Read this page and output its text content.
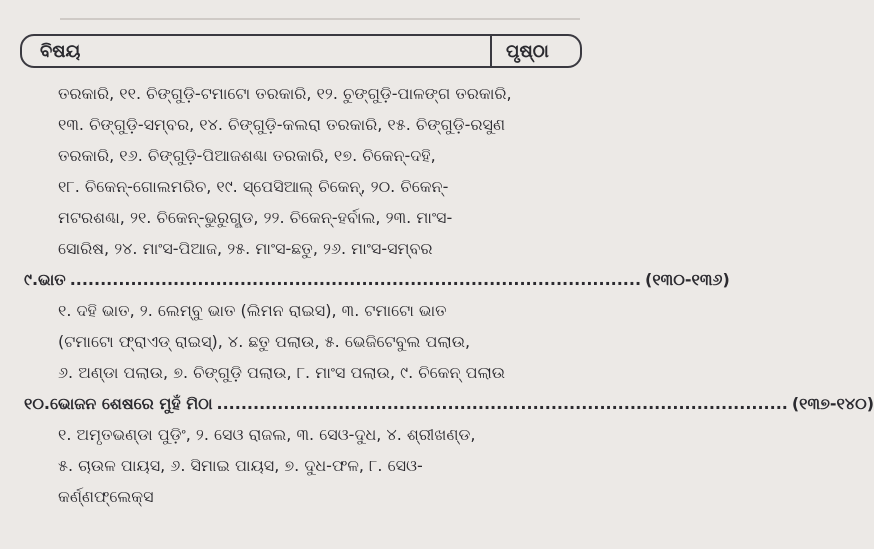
ବିଷୟ	ପୃଷ୍ଠା
ତରକାରି, ୧୧. ଚିଙ୍ଗୁଡ଼ି-ଟମାଟୋ ତରକାରି, ୧୨. ଚୁଙ୍ଗୁଡ଼ି-ପାଳଙ୍ଗ ତରକାରି,
୧୩. ଚିଙ୍ଗୁଡ଼ି-ସମ୍ବର, ୧୪. ଚିଙ୍ଗୁଡ଼ି-କଲରା ତରକାରି, ୧୫. ଚିଙ୍ଗୁଡ଼ି-ରସୁଣ
ତରକାରି, ୧୬. ଚିଙ୍ଗୁଡ଼ି-ପିଆଜଶଣ୍ଢା ତରକାରି, ୧୭. ଚିକେନ୍-ଦହି,
୧୮. ଚିକେନ୍-ଗୋଲମରିଚ, ୧୯. ସ୍ପେସିଆଲ୍ ଚିକେନ୍, ୨୦. ଚିକେନ୍-
ମଟରଶଣ୍ଢା, ୨୧. ଚିକେନ୍-ଭୁରୁଗ୍ଣ୍ଡ, ୨୨. ଚିକେନ୍-ହର୍ବାଲ, ୨୩. ମାଂସ-
ସୋରିଷ, ୨୪. ମାଂସ-ପିଆଜ, ୨୫. ମାଂସ-ଛତୁ, ୨୬. ମାଂସ-ସମ୍ବର
୯. ଭାତ .............................................................................................. (୧୩୦-୧୩୬)
୧. ଦହି ଭାତ, ୨. ଲେମ୍ବୁ ଭାତ (ଲିମନ ରାଇସ), ୩. ଟମାଟୋ ଭାତ
(ଟମାଟୋ ଫ୍ରାଏଡ୍ ରାଇସ୍), ୪. ଛତୁ ପଲାଉ, ୫. ଭେଜିଟେବୁଲ ପଲାଉ,
୬. ଅଣ୍ଡା ପଲାଉ, ୭. ଚିଙ୍ଗୁଡ଼ି ପଲାଉ, ୮. ମାଂସ ପଲାଉ, ୯. ଚିକେନ୍ ପଲାଉ
୧୦. ଭୋଜନ ଶେଷରେ ମୁହଁ ମିଠା .............................................................................................. (୧୩୭-୧୪୦)
୧. ଅମୃତଭଣ୍ଡା ପୁଡ଼ିଂ, ୨. ସେଓ ରାଜଲ, ୩. ସେଓ-ଦୁଧ, ୪. ଶ୍ରୀଖଣ୍ଡ,
୫. ଚାଉଳ ପାୟସ, ୬. ସିମାଇ ପାୟସ, ୭. ଦୁଧ-ଫଳ, ୮. ସେଓ-
କର୍ଣ୍ଣଫ୍ଲେକ୍ସ
